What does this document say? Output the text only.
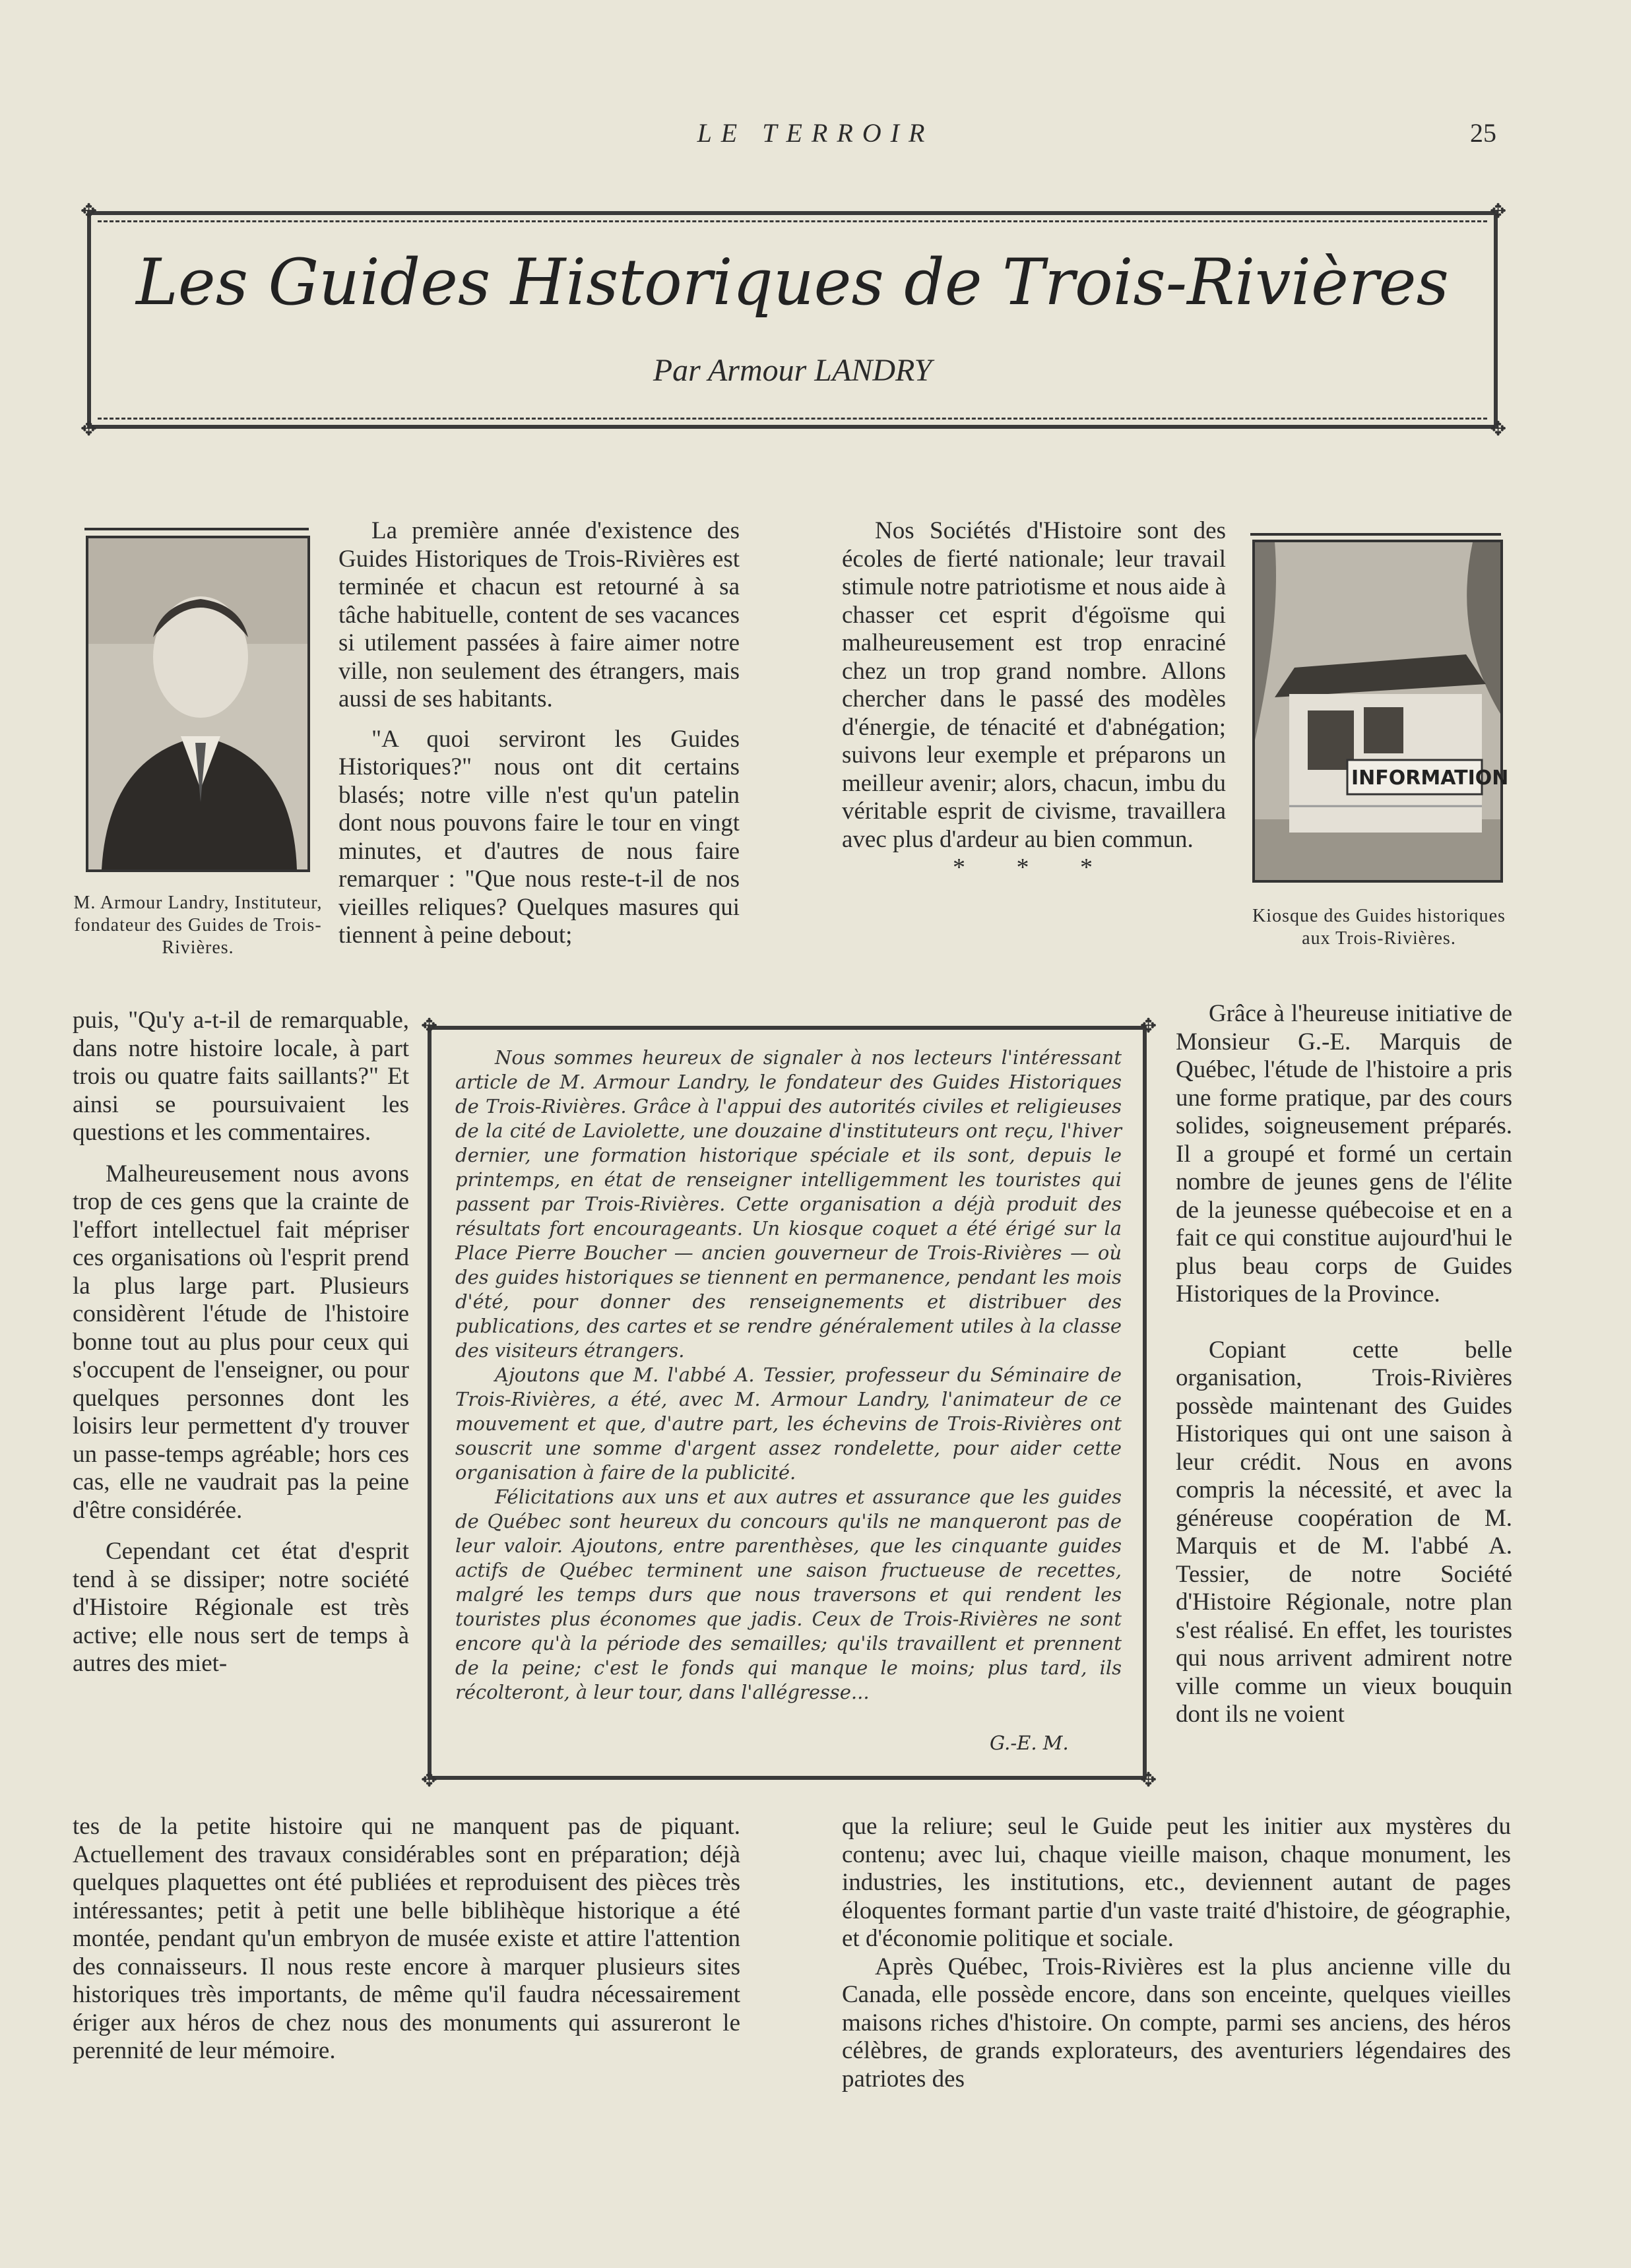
LE TERROIR	25
✥	✥
✥	✥
Les Guides Historiques de Trois-Rivières
Par Armour LANDRY
M. Armour Landry, Instituteur, fondateur des Guides de Trois-Rivières.

La première année d'existence des Guides Historiques de Trois-Rivières est terminée et chacun est retourné à sa tâche habituelle, content de ses vacances si utilement passées à faire aimer notre ville, non seulement des étrangers, mais aussi de ses habitants.

"A quoi serviront les Guides Historiques?" nous ont dit certains blasés; notre ville n'est qu'un patelin dont nous pouvons faire le tour en vingt minutes, et d'autres de nous faire remarquer : "Que nous reste-t-il de nos vieilles reliques? Quelques masures qui tiennent à peine debout;

puis, "Qu'y a-t-il de remarquable, dans notre histoire locale, à part trois ou quatre faits saillants?" Et ainsi se poursuivaient les questions et les commentaires.

Malheureusement nous avons trop de ces gens que la crainte de l'effort intellectuel fait mépriser ces organisations où l'esprit prend la plus large part. Plusieurs considèrent l'étude de l'histoire bonne tout au plus pour ceux qui s'occupent de l'enseigner, ou pour quelques personnes dont les loisirs leur permettent d'y trouver un passe-temps agréable; hors ces cas, elle ne vaudrait pas la peine d'être considérée.

Cependant cet état d'esprit tend à se dissiper; notre société d'Histoire Régionale est très active; elle nous sert de temps à autres des miet-

tes de la petite histoire qui ne manquent pas de piquant. Actuellement des travaux considérables sont en préparation; déjà quelques plaquettes ont été publiées et reproduisent des pièces très intéressantes; petit à petit une belle biblihèque historique a été montée, pendant qu'un embryon de musée existe et attire l'attention des connaisseurs. Il nous reste encore à marquer plusieurs sites historiques très importants, de même qu'il faudra nécessairement ériger aux héros de chez nous des monuments qui assureront le perennité de leur mémoire.

Nos Sociétés d'Histoire sont des écoles de fierté nationale; leur travail stimule notre patriotisme et nous aide à chasser cet esprit d'égoïsme qui malheureusement est trop enraciné chez un trop grand nombre. Allons chercher dans le passé des modèles d'énergie, de ténacité et d'abnégation; suivons leur exemple et préparons un meilleur avenir; alors, chacun, imbu du véritable esprit de civisme, travaillera avec plus d'ardeur au bien commun.

* * *
INFORMATION
Kiosque des Guides historiques aux Trois-Rivières.

Grâce à l'heureuse initiative de Monsieur G.-E. Marquis de Québec, l'étude de l'histoire a pris une forme pratique, par des cours solides, soigneusement préparés. Il a groupé et formé un certain nombre de jeunes gens de l'élite de la jeunesse québecoise et en a fait ce qui constitue aujourd'hui le plus beau corps de Guides Historiques de la Province.

Copiant cette belle organisation, Trois-Rivières possède maintenant des Guides Historiques qui ont une saison à leur crédit. Nous en avons compris la nécessité, et avec la généreuse coopération de M. Marquis et de M. l'abbé A. Tessier, de notre Société d'Histoire Régionale, notre plan s'est réalisé. En effet, les touristes qui nous arrivent admirent notre ville comme un vieux bouquin dont ils ne voient

que la reliure; seul le Guide peut les initier aux mystères du contenu; avec lui, chaque vieille maison, chaque monument, les industries, les institutions, etc., deviennent autant de pages éloquentes formant partie d'un vaste traité d'histoire, de géographie, et d'économie politique et sociale.

Après Québec, Trois-Rivières est la plus ancienne ville du Canada, elle possède encore, dans son enceinte, quelques vieilles maisons riches d'histoire. On compte, parmi ses anciens, des héros célèbres, de grands explorateurs, des aventuriers légendaires des patriotes des

✥	✥
✥	✥

Nous sommes heureux de signaler à nos lecteurs l'intéressant article de M. Armour Landry, le fondateur des Guides Historiques de Trois-Rivières. Grâce à l'appui des autorités civiles et religieuses de la cité de Laviolette, une douzaine d'instituteurs ont reçu, l'hiver dernier, une formation historique spéciale et ils sont, depuis le printemps, en état de renseigner intelligemment les touristes qui passent par Trois-Rivières. Cette organisation a déjà produit des résultats fort encourageants. Un kiosque coquet a été érigé sur la Place Pierre Boucher — ancien gouverneur de Trois-Rivières — où des guides historiques se tiennent en permanence, pendant les mois d'été, pour donner des renseignements et distribuer des publications, des cartes et se rendre généralement utiles à la classe des visiteurs étrangers.

Ajoutons que M. l'abbé A. Tessier, professeur du Séminaire de Trois-Rivières, a été, avec M. Armour Landry, l'animateur de ce mouvement et que, d'autre part, les échevins de Trois-Rivières ont souscrit une somme d'argent assez rondelette, pour aider cette organisation à faire de la publicité.

Félicitations aux uns et aux autres et assurance que les guides de Québec sont heureux du concours qu'ils ne manqueront pas de leur valoir. Ajoutons, entre parenthèses, que les cinquante guides actifs de Québec terminent une saison fructueuse de recettes, malgré les temps durs que nous traversons et qui rendent les touristes plus économes que jadis. Ceux de Trois-Rivières ne sont encore qu'à la période des semailles; qu'ils travaillent et prennent de la peine; c'est le fonds qui manque le moins; plus tard, ils récolteront, à leur tour, dans l'allégresse...

G.-E. M.
